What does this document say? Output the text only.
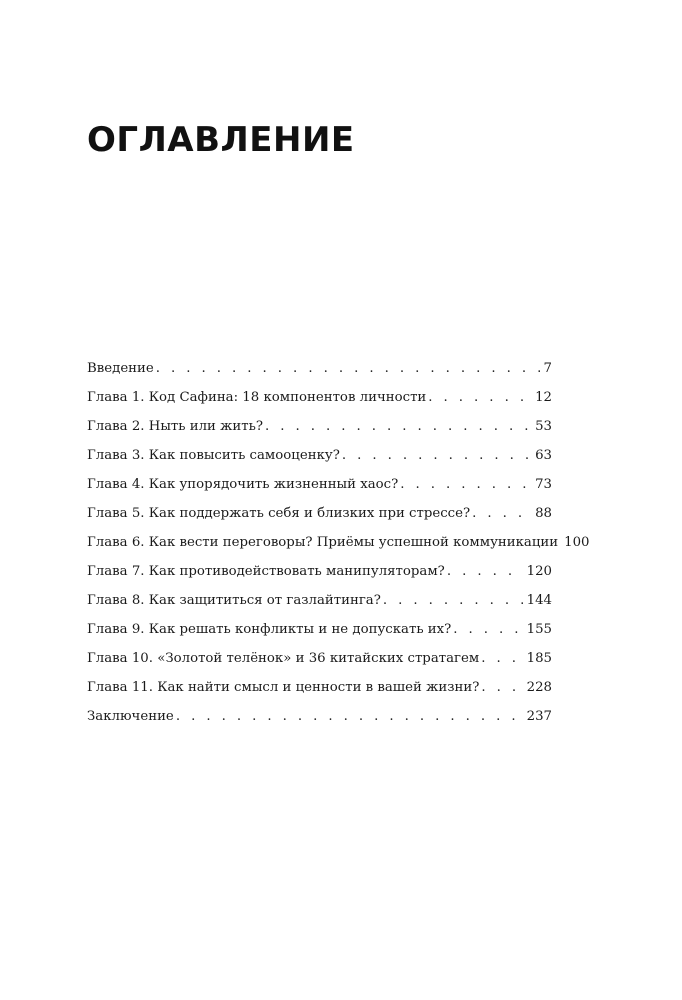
ОГЛАВЛЕНИЕ
Введение . . .	7
Глава 1. Код Сафина: 18 компонентов личности . . .	12
Глава 2. Ныть или жить? . . .	53
Глава 3. Как повысить самооценку? . . .	63
Глава 4. Как упорядочить жизненный хаос? . . .	73
Глава 5. Как поддержать себя и близких при стрессе? . . .	88
Глава 6. Как вести переговоры? Приёмы успешной коммуникации 100
Глава 7. Как противодействовать манипуляторам? . . .	120
Глава 8. Как защититься от газлайтинга? . . .	144
Глава 9. Как решать конфликты и не допускать их? . . .	155
Глава 10. «Золотой телёнок» и 36 китайских стратагем . . .	185
Глава 11. Как найти смысл и ценности в вашей жизни? . . .	228
Заключение . . .	237
